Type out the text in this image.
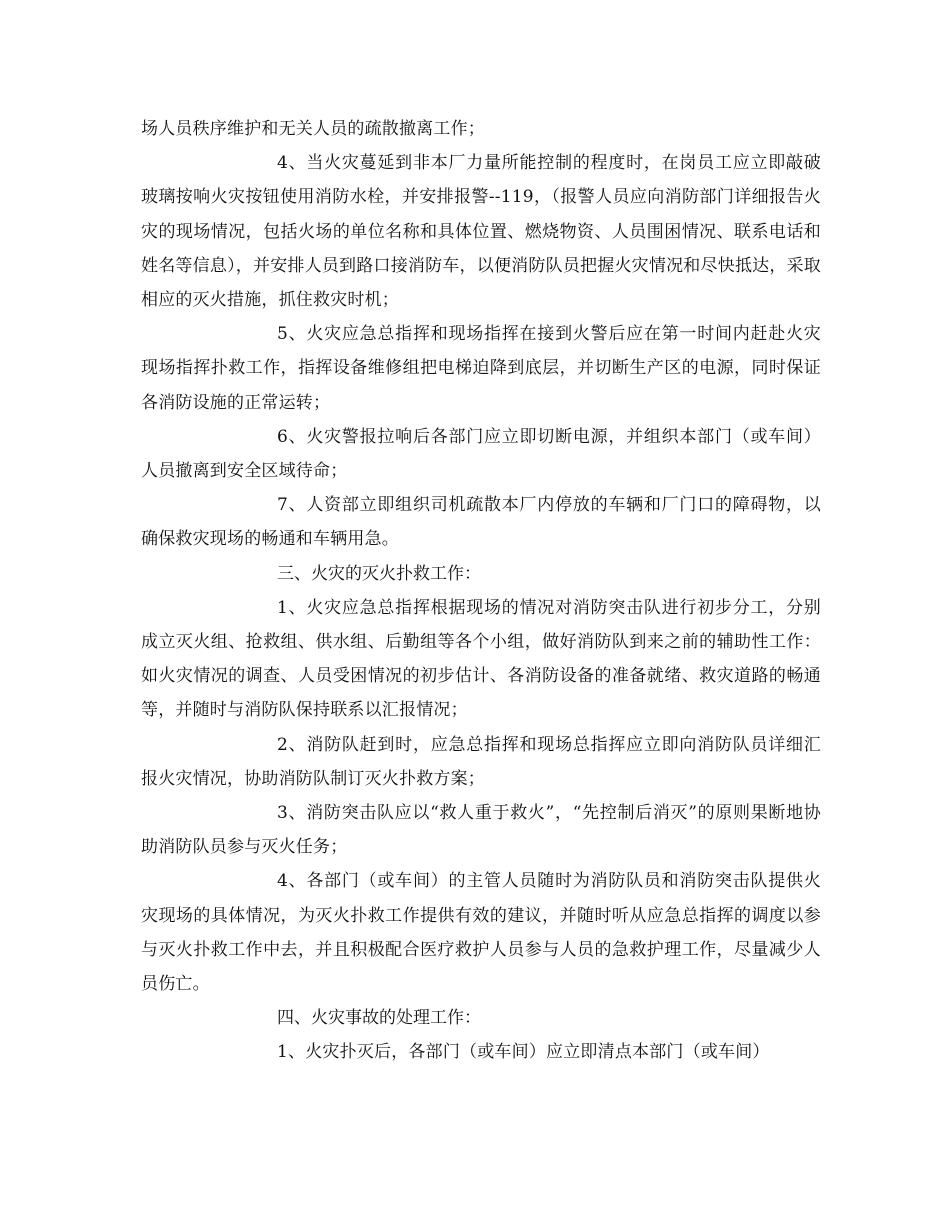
场人员秩序维护和无关人员的疏散撤离工作；

4、当火灾蔓延到非本厂力量所能控制的程度时，在岗员工应立即敲破玻璃按响火灾按钮使用消防水栓，并安排报警--119，（报警人员应向消防部门详细报告火灾的现场情况，包括火场的单位名称和具体位置、燃烧物资、人员围困情况、联系电话和姓名等信息），并安排人员到路口接消防车，以便消防队员把握火灾情况和尽快抵达，采取相应的灭火措施，抓住救灾时机；

5、火灾应急总指挥和现场指挥在接到火警后应在第一时间内赶赴火灾现场指挥扑救工作，指挥设备维修组把电梯迫降到底层，并切断生产区的电源，同时保证各消防设施的正常运转；

6、火灾警报拉响后各部门应立即切断电源，并组织本部门（或车间）人员撤离到安全区域待命；

7、人资部立即组织司机疏散本厂内停放的车辆和厂门口的障碍物，以确保救灾现场的畅通和车辆用急。

三、火灾的灭火扑救工作：

1、火灾应急总指挥根据现场的情况对消防突击队进行初步分工，分别成立灭火组、抢救组、供水组、后勤组等各个小组，做好消防队到来之前的辅助性工作：如火灾情况的调查、人员受困情况的初步估计、各消防设备的准备就绪、救灾道路的畅通等，并随时与消防队保持联系以汇报情况；

2、消防队赶到时，应急总指挥和现场总指挥应立即向消防队员详细汇报火灾情况，协助消防队制订灭火扑救方案；

3、消防突击队应以“救人重于救火”，“先控制后消灭”的原则果断地协助消防队员参与灭火任务；

4、各部门（或车间）的主管人员随时为消防队员和消防突击队提供火灾现场的具体情况，为灭火扑救工作提供有效的建议，并随时听从应急总指挥的调度以参与灭火扑救工作中去，并且积极配合医疗救护人员参与人员的急救护理工作，尽量减少人员伤亡。

四、火灾事故的处理工作：

1、火灾扑灭后，各部门（或车间）应立即清点本部门（或车间）
